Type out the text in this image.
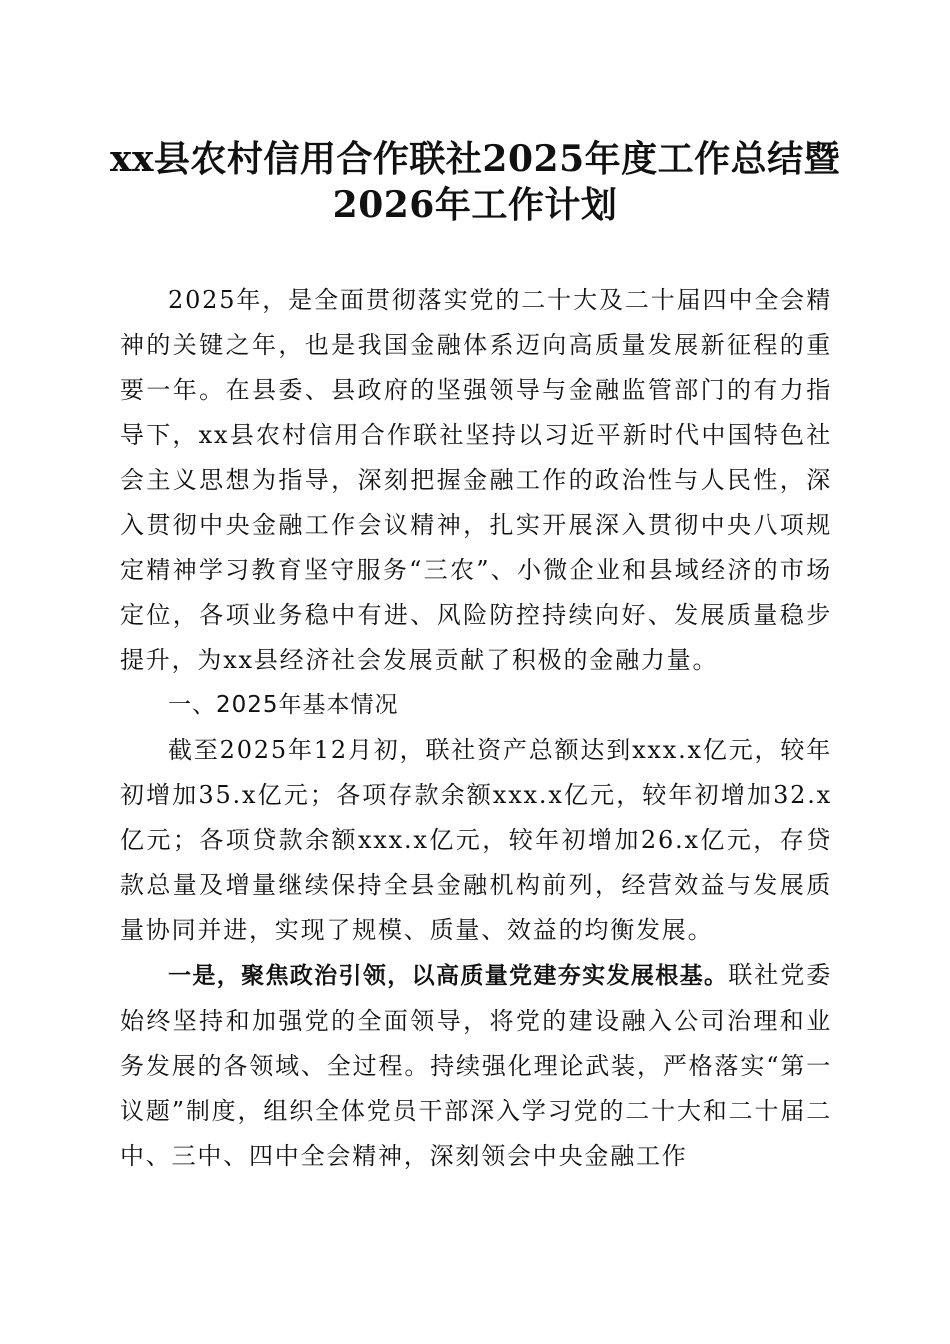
xx县农村信用合作联社2025年度工作总结暨
2026年工作计划

2025年，是全面贯彻落实党的二十大及二十届四中全会精神的关键之年，也是我国金融体系迈向高质量发展新征程的重要一年。在县委、县政府的坚强领导与金融监管部门的有力指导下，xx县农村信用合作联社坚持以习近平新时代中国特色社会主义思想为指导，深刻把握金融工作的政治性与人民性，深入贯彻中央金融工作会议精神，扎实开展深入贯彻中央八项规定精神学习教育坚守服务“三农”、小微企业和县域经济的市场定位，各项业务稳中有进、风险防控持续向好、发展质量稳步提升，为xx县经济社会发展贡献了积极的金融力量。

一、2025年基本情况

截至2025年12月初，联社资产总额达到xxx.x亿元，较年初增加35.x亿元；各项存款余额xxx.x亿元，较年初增加32.x亿元；各项贷款余额xxx.x亿元，较年初增加26.x亿元，存贷款总量及增量继续保持全县金融机构前列，经营效益与发展质量协同并进，实现了规模、质量、效益的均衡发展。

一是，聚焦政治引领，以高质量党建夯实发展根基。联社党委始终坚持和加强党的全面领导，将党的建设融入公司治理和业务发展的各领域、全过程。持续强化理论武装，严格落实“第一议题”制度，组织全体党员干部深入学习党的二十大和二十届二中、三中、四中全会精神，深刻领会中央金融工作
